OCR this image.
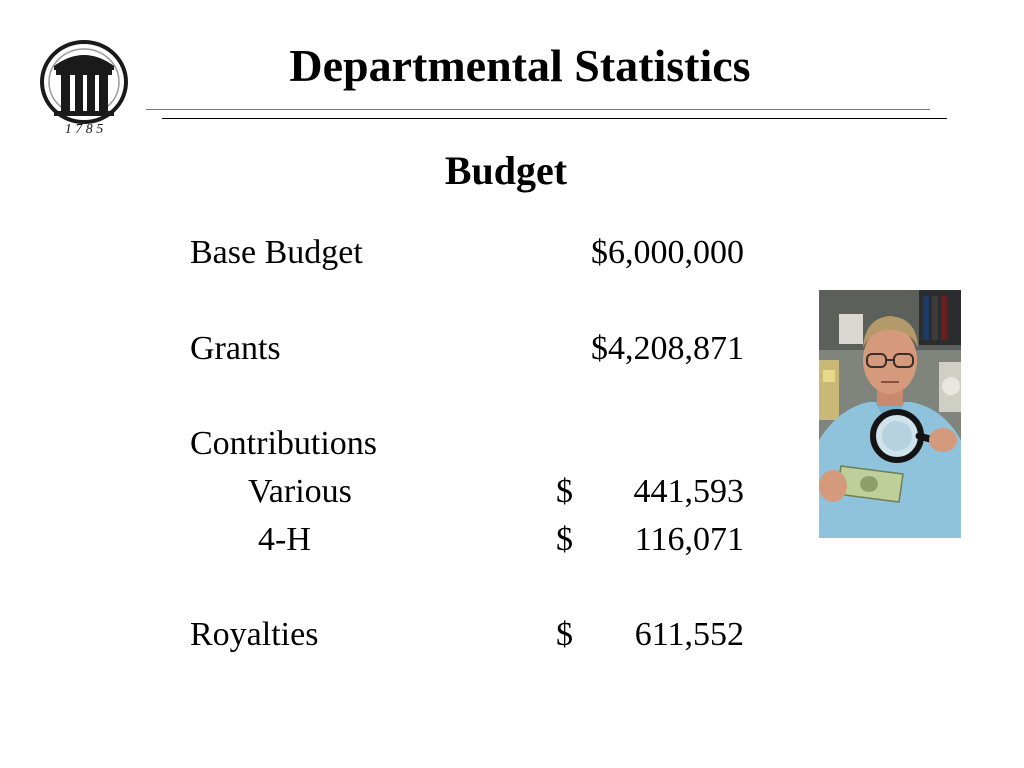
1 7 8 5
Departmental Statistics
Budget
Base Budget	$6,000,000
Grants	$4,208,871
Contributions
Various	$ 441,593
4-H	$ 116,071
Royalties	$ 611,552
